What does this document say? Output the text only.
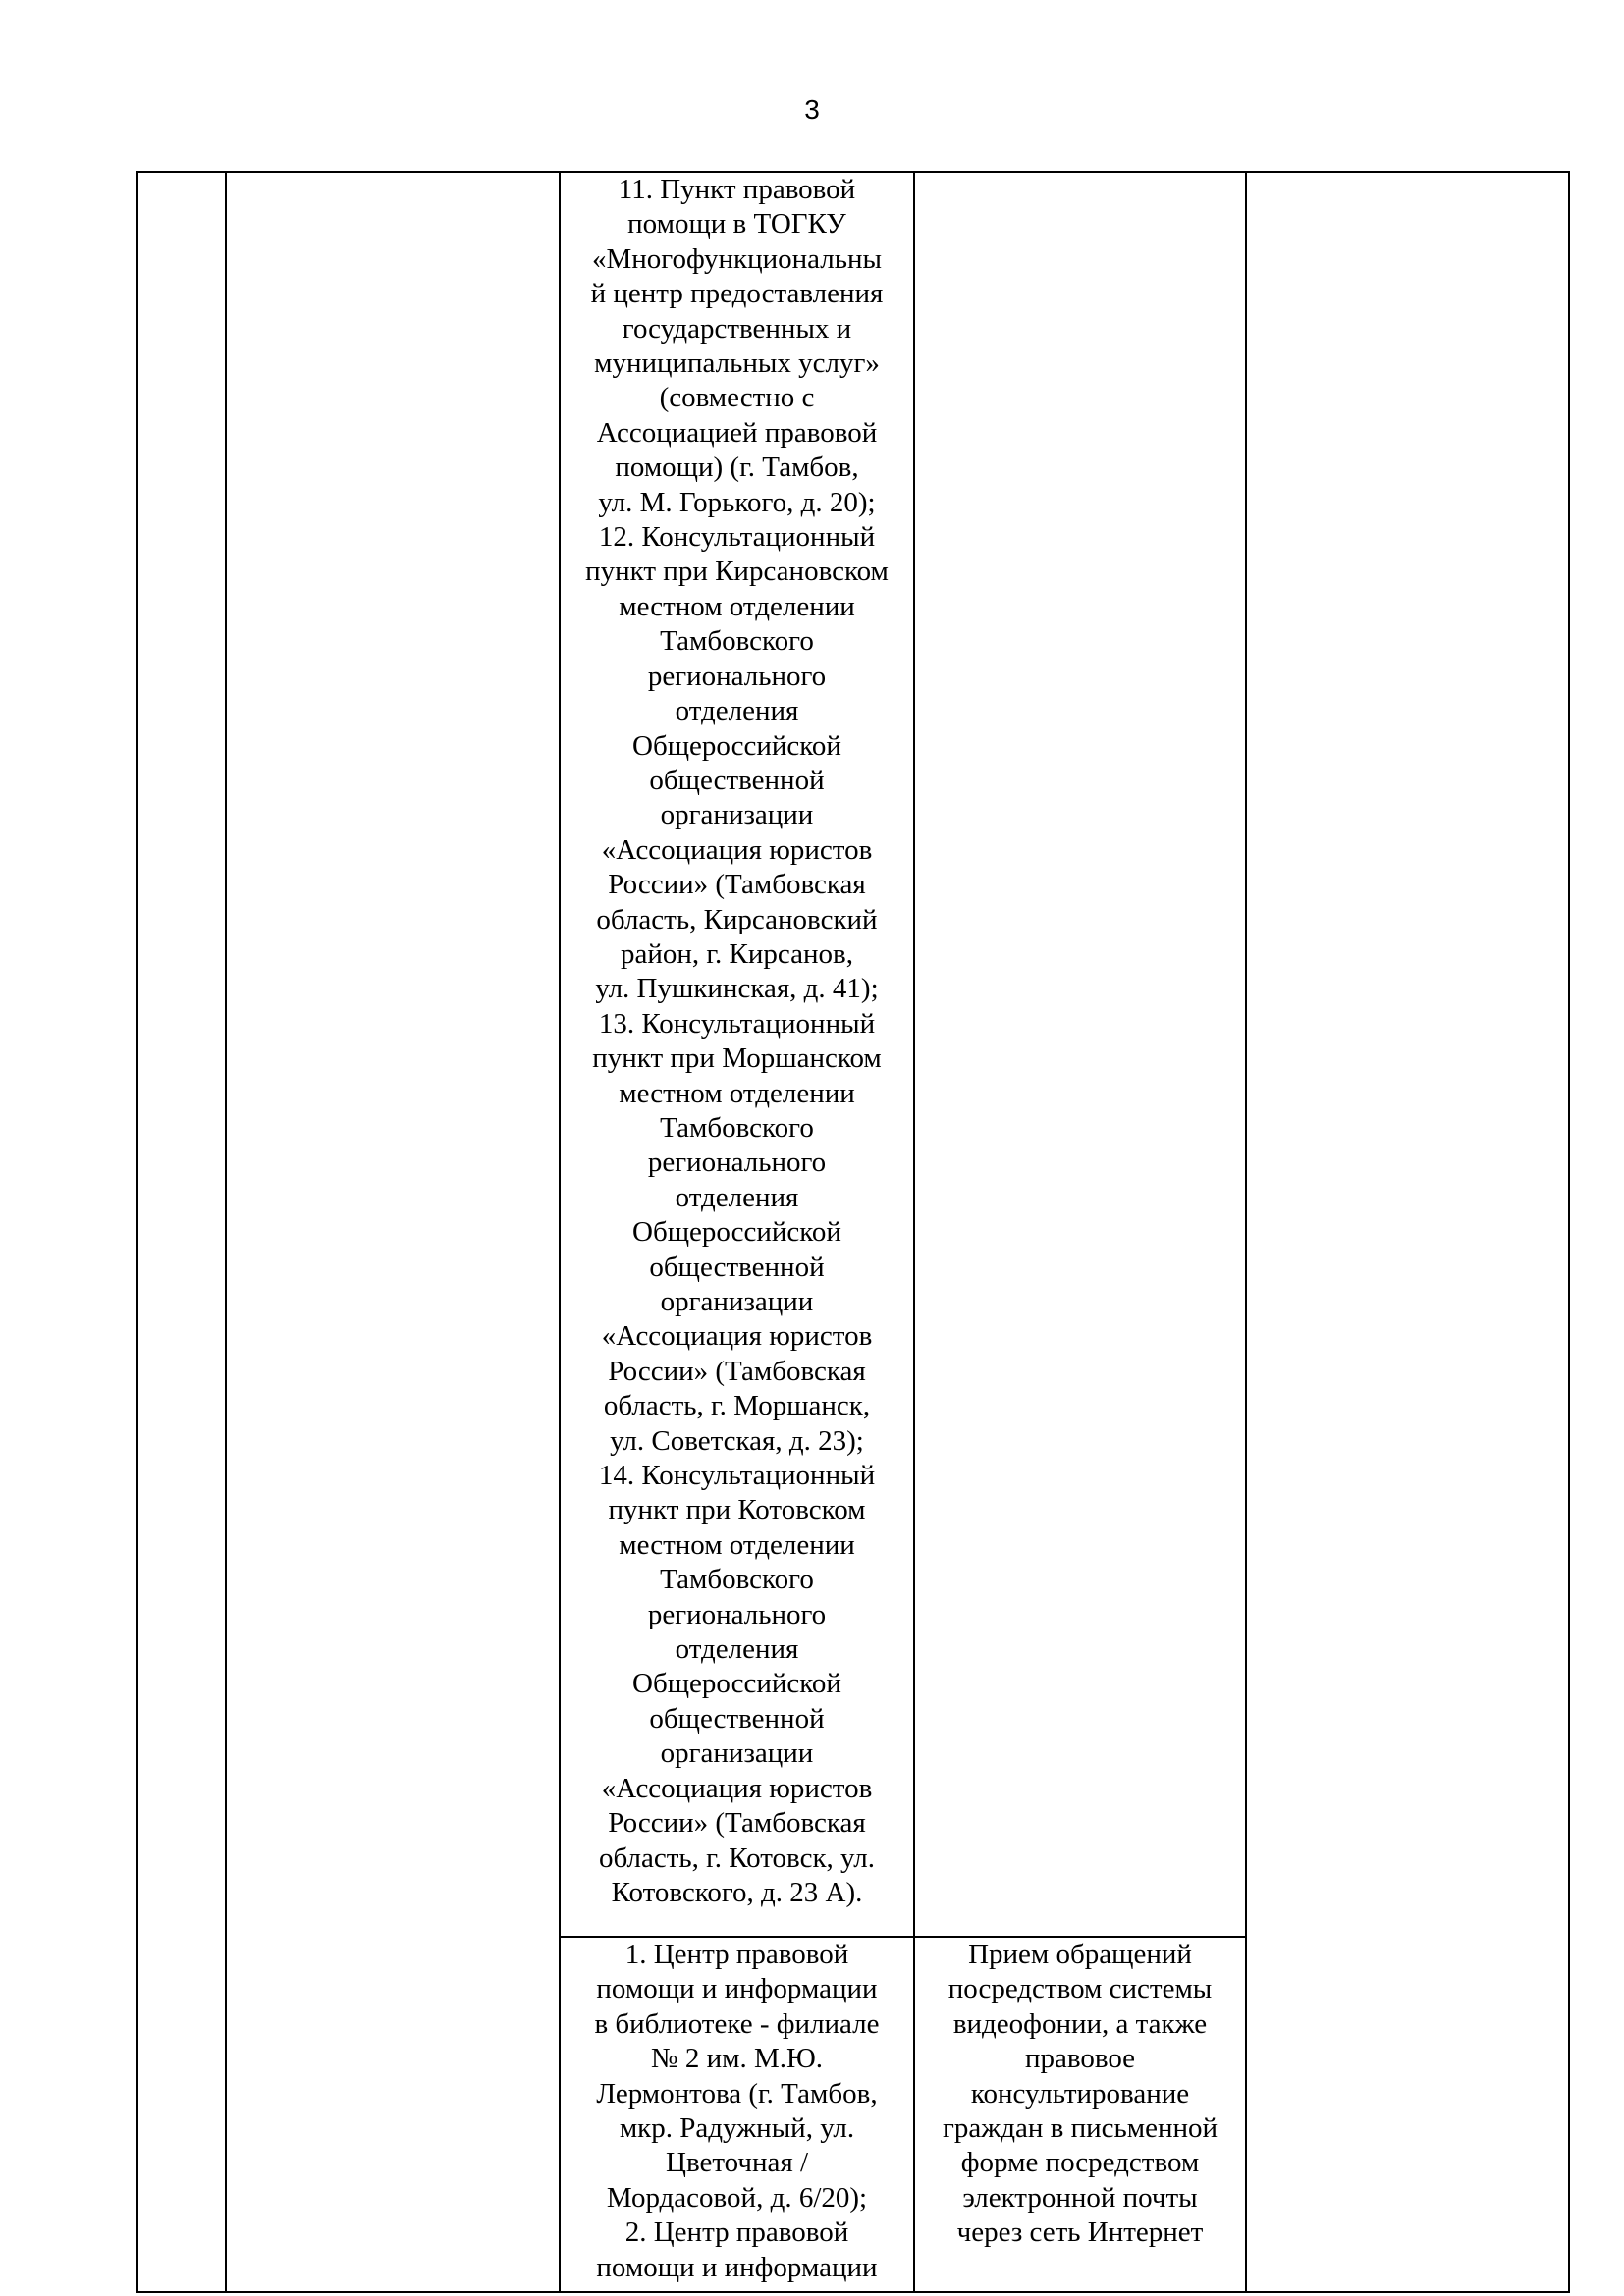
3

11. Пункт правовой
помощи в ТОГКУ
«Многофункциональны
й центр предоставления
государственных и
муниципальных услуг»
(совместно с
Ассоциацией правовой
помощи) (г. Тамбов,
ул. М. Горького, д. 20);
12. Консультационный
пункт при Кирсановском
местном отделении
Тамбовского
регионального
отделения
Общероссийской
общественной
организации
«Ассоциация юристов
России» (Тамбовская
область, Кирсановский
район, г. Кирсанов,
ул. Пушкинская, д. 41);
13. Консультационный
пункт при Моршанском
местном отделении
Тамбовского
регионального
отделения
Общероссийской
общественной
организации
«Ассоциация юристов
России» (Тамбовская
область, г. Моршанск,
ул. Советская, д. 23);
14. Консультационный
пункт при Котовском
местном отделении
Тамбовского
регионального
отделения
Общероссийской
общественной
организации
«Ассоциация юристов
России» (Тамбовская
область, г. Котовск, ул.
Котовского, д. 23 А).

1. Центр правовой
помощи и информации
в библиотеке - филиале
№ 2 им. М.Ю.
Лермонтова (г. Тамбов,
мкр. Радужный, ул.
Цветочная /
Мордасовой, д. 6/20);
2. Центр правовой
помощи и информации

Прием обращений
посредством системы
видеофонии, а также
правовое
консультирование
граждан в письменной
форме посредством
электронной почты
через сеть Интернет
